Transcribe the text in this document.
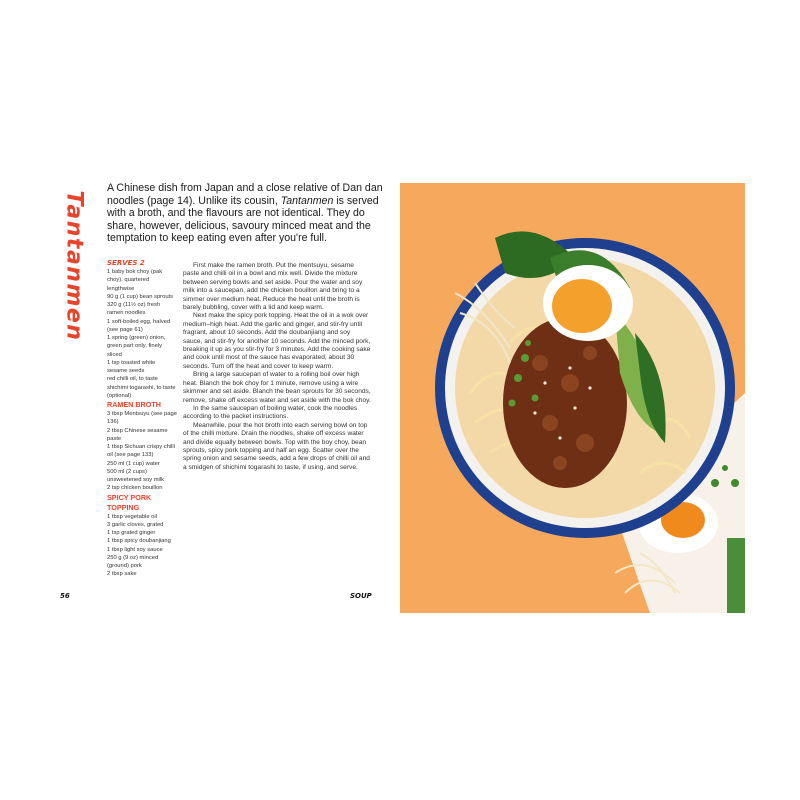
Tantanmen

A Chinese dish from Japan and a close relative of Dan dan noodles (page 14). Unlike its cousin, Tantanmen is served with a broth, and the flavours are not identical. They do share, however, delicious, savoury minced meat and the temptation to keep eating even after you're full.

SERVES 2
1 baby bok choy (pak choy), quartered lengthwise
90 g (1 cup) bean sprouts
320 g (11½ oz) fresh ramen noodles
1 soft-boiled egg, halved (see page 61)
1 spring (green) onion, green part only, finely sliced
1 tsp toasted white sesame seeds
red chilli oil, to taste
shichimi togarashi, to taste (optional)
RAMEN BROTH
3 tbsp Mentsuyu (see page 136)
2 tbsp Chinese sesame paste
1 tbsp Sichuan crispy chilli oil (see page 133)
250 ml (1 cup) water
500 ml (2 cups) unsweetened soy milk
2 tsp chicken bouillon
SPICY PORK TOPPING
1 tbsp vegetable oil
3 garlic cloves, grated
1 tsp grated ginger
1 tbsp spicy doubanjiang
1 tbsp light soy sauce
250 g (9 oz) minced (ground) pork
2 tbsp sake

First make the ramen broth. Put the mentsuyu, sesame paste and chilli oil in a bowl and mix well. Divide the mixture between serving bowls and set aside. Pour the water and soy milk into a saucepan, add the chicken bouillon and bring to a simmer over medium heat. Reduce the heat until the broth is barely bubbling, cover with a lid and keep warm.

Next make the spicy pork topping. Heat the oil in a wok over medium–high heat. Add the garlic and ginger, and stir-fry until fragrant, about 10 seconds. Add the doubanjiang and soy sauce, and stir-fry for another 10 seconds. Add the minced pork, breaking it up as you stir-fry for 3 minutes. Add the cooking sake and cook until most of the sauce has evaporated, about 30 seconds. Turn off the heat and cover to keep warm.

Bring a large saucepan of water to a rolling boil over high heat. Blanch the bok choy for 1 minute, remove using a wire skimmer and set aside. Blanch the bean sprouts for 30 seconds, remove, shake off excess water and set aside with the bok choy.

In the same saucepan of boiling water, cook the noodles according to the packet instructions.

Meanwhile, pour the hot broth into each serving bowl on top of the chilli mixture. Drain the noodles, shake off excess water and divide equally between bowls. Top with the boy choy, bean sprouts, spicy pork topping and half an egg. Scatter over the spring onion and sesame seeds, add a few drops of chilli oil and a smidgen of shichimi togarashi to taste, if using, and serve.

56	SOUP
